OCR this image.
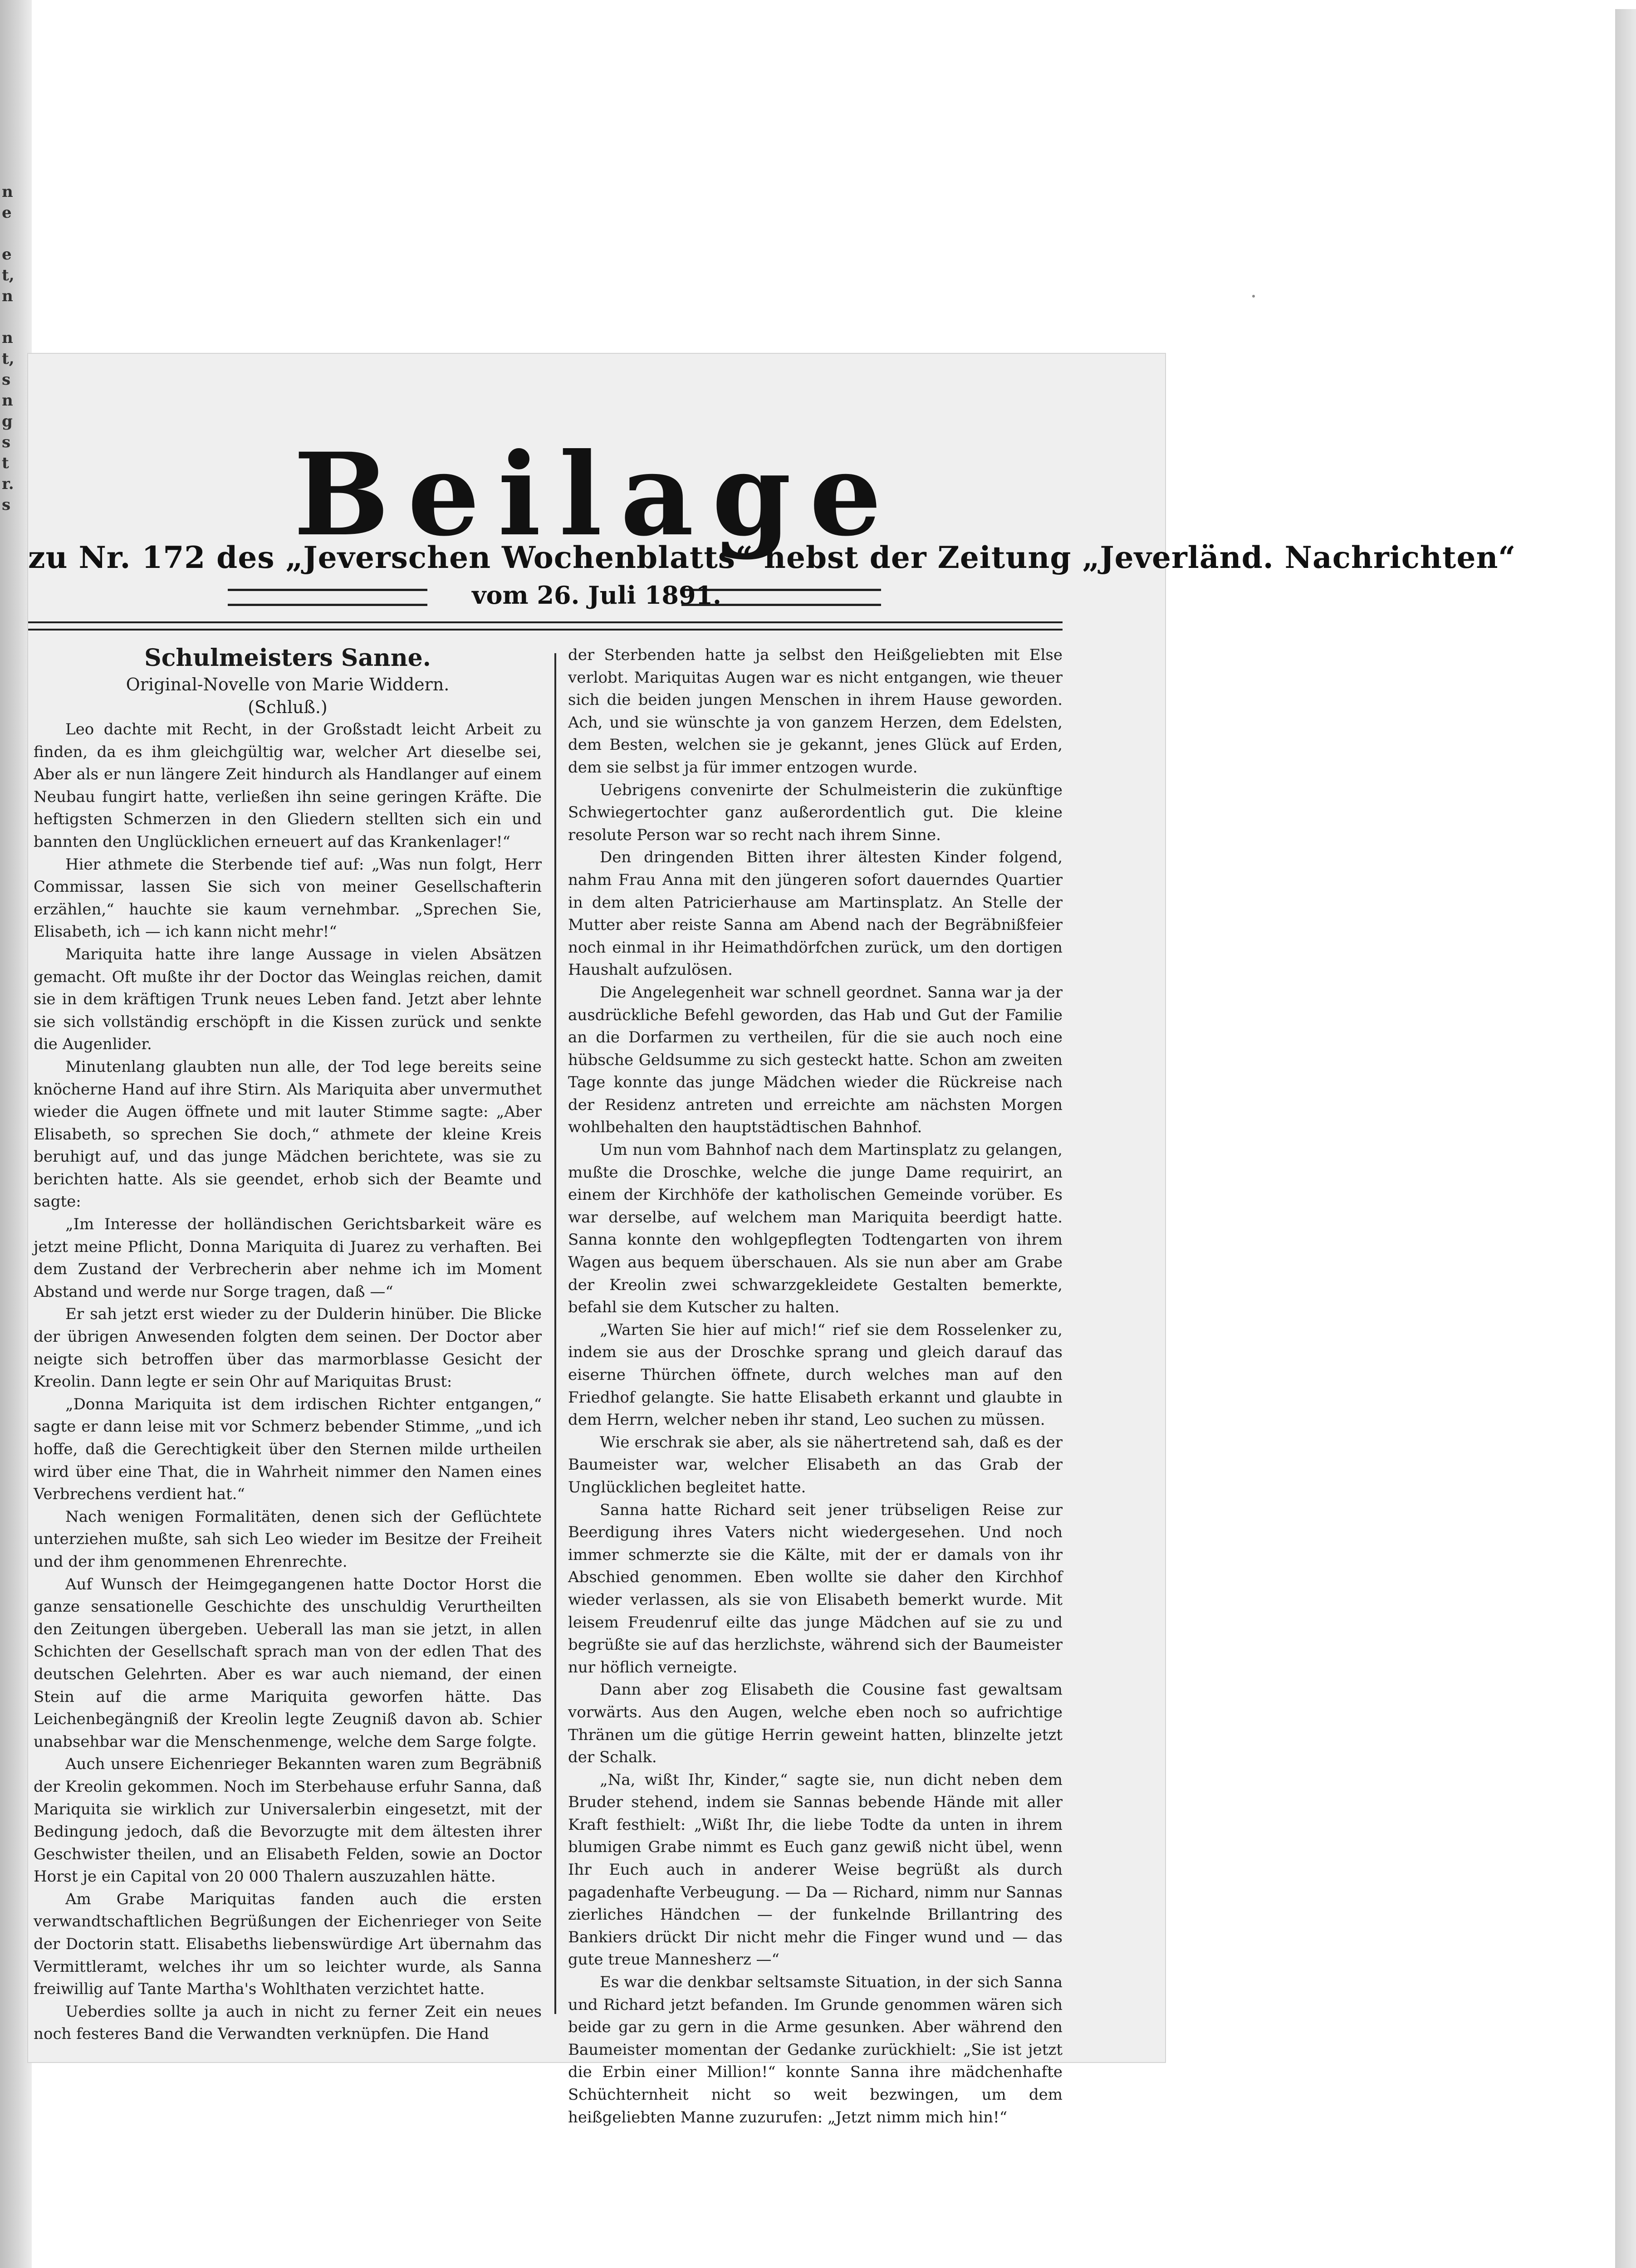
n
e
e
t,
n
n
t,
s
n
g
s
t
r.
s	Beilage
zu Nr. 172 des „Jeverschen Wochenblatts“ nebst der Zeitung „Jeverländ. Nachrichten“
vom 26. Juli 1891.
Schulmeisters Sanne.

Original-Novelle von Marie Widdern.

(Schluß.)

Leo dachte mit Recht, in der Großstadt leicht Arbeit zu finden, da es ihm gleichgültig war, welcher Art dieselbe sei, Aber als er nun längere Zeit hindurch als Handlanger auf einem Neubau fungirt hatte, verließen ihn seine geringen Kräfte. Die heftigsten Schmerzen in den Gliedern stellten sich ein und bannten den Unglücklichen erneuert auf das Krankenlager!“

Hier athmete die Sterbende tief auf: „Was nun folgt, Herr Commissar, lassen Sie sich von meiner Gesellschafterin erzählen,“ hauchte sie kaum vernehmbar. „Sprechen Sie, Elisabeth, ich — ich kann nicht mehr!“

Mariquita hatte ihre lange Aussage in vielen Absätzen gemacht. Oft mußte ihr der Doctor das Weinglas reichen, damit sie in dem kräftigen Trunk neues Leben fand. Jetzt aber lehnte sie sich vollständig erschöpft in die Kissen zurück und senkte die Augenlider.

Minutenlang glaubten nun alle, der Tod lege bereits seine knöcherne Hand auf ihre Stirn. Als Mariquita aber unvermuthet wieder die Augen öffnete und mit lauter Stimme sagte: „Aber Elisabeth, so sprechen Sie doch,“ athmete der kleine Kreis beruhigt auf, und das junge Mädchen berichtete, was sie zu berichten hatte. Als sie geendet, erhob sich der Beamte und sagte:

„Im Interesse der holländischen Gerichtsbarkeit wäre es jetzt meine Pflicht, Donna Mariquita di Juarez zu verhaften. Bei dem Zustand der Verbrecherin aber nehme ich im Moment Abstand und werde nur Sorge tragen, daß —“

Er sah jetzt erst wieder zu der Dulderin hinüber. Die Blicke der übrigen Anwesenden folgten dem seinen. Der Doctor aber neigte sich betroffen über das marmorblasse Gesicht der Kreolin. Dann legte er sein Ohr auf Mariquitas Brust:

„Donna Mariquita ist dem irdischen Richter entgangen,“ sagte er dann leise mit vor Schmerz bebender Stimme, „und ich hoffe, daß die Gerechtigkeit über den Sternen milde urtheilen wird über eine That, die in Wahrheit nimmer den Namen eines Verbrechens verdient hat.“

Nach wenigen Formalitäten, denen sich der Geflüchtete unterziehen mußte, sah sich Leo wieder im Besitze der Freiheit und der ihm genommenen Ehrenrechte.

Auf Wunsch der Heimgegangenen hatte Doctor Horst die ganze sensationelle Geschichte des unschuldig Verurtheilten den Zeitungen übergeben. Ueberall las man sie jetzt, in allen Schichten der Gesellschaft sprach man von der edlen That des deutschen Gelehrten. Aber es war auch niemand, der einen Stein auf die arme Mariquita geworfen hätte. Das Leichenbegängniß der Kreolin legte Zeugniß davon ab. Schier unabsehbar war die Menschenmenge, welche dem Sarge folgte.

Auch unsere Eichenrieger Bekannten waren zum Begräbniß der Kreolin gekommen. Noch im Sterbehause erfuhr Sanna, daß Mariquita sie wirklich zur Universalerbin eingesetzt, mit der Bedingung jedoch, daß die Bevorzugte mit dem ältesten ihrer Geschwister theilen, und an Elisabeth Felden, sowie an Doctor Horst je ein Capital von 20 000 Thalern auszuzahlen hätte.

Am Grabe Mariquitas fanden auch die ersten verwandtschaftlichen Begrüßungen der Eichenrieger von Seite der Doctorin statt. Elisabeths liebenswürdige Art übernahm das Vermittleramt, welches ihr um so leichter wurde, als Sanna freiwillig auf Tante Martha's Wohlthaten verzichtet hatte.

Ueberdies sollte ja auch in nicht zu ferner Zeit ein neues noch festeres Band die Verwandten verknüpfen. Die Hand

der Sterbenden hatte ja selbst den Heißgeliebten mit Else verlobt. Mariquitas Augen war es nicht entgangen, wie theuer sich die beiden jungen Menschen in ihrem Hause geworden. Ach, und sie wünschte ja von ganzem Herzen, dem Edelsten, dem Besten, welchen sie je gekannt, jenes Glück auf Erden, dem sie selbst ja für immer entzogen wurde.

Uebrigens convenirte der Schulmeisterin die zukünftige Schwiegertochter ganz außerordentlich gut. Die kleine resolute Person war so recht nach ihrem Sinne.

Den dringenden Bitten ihrer ältesten Kinder folgend, nahm Frau Anna mit den jüngeren sofort dauerndes Quartier in dem alten Patricierhause am Martinsplatz. An Stelle der Mutter aber reiste Sanna am Abend nach der Begräbnißfeier noch einmal in ihr Heimathdörfchen zurück, um den dortigen Haushalt aufzulösen.

Die Angelegenheit war schnell geordnet. Sanna war ja der ausdrückliche Befehl geworden, das Hab und Gut der Familie an die Dorfarmen zu vertheilen, für die sie auch noch eine hübsche Geldsumme zu sich gesteckt hatte. Schon am zweiten Tage konnte das junge Mädchen wieder die Rückreise nach der Residenz antreten und erreichte am nächsten Morgen wohlbehalten den hauptstädtischen Bahnhof.

Um nun vom Bahnhof nach dem Martinsplatz zu gelangen, mußte die Droschke, welche die junge Dame requirirt, an einem der Kirchhöfe der katholischen Gemeinde vorüber. Es war derselbe, auf welchem man Mariquita beerdigt hatte. Sanna konnte den wohlgepflegten Todtengarten von ihrem Wagen aus bequem überschauen. Als sie nun aber am Grabe der Kreolin zwei schwarzgekleidete Gestalten bemerkte, befahl sie dem Kutscher zu halten.

„Warten Sie hier auf mich!“ rief sie dem Rosselenker zu, indem sie aus der Droschke sprang und gleich darauf das eiserne Thürchen öffnete, durch welches man auf den Friedhof gelangte. Sie hatte Elisabeth erkannt und glaubte in dem Herrn, welcher neben ihr stand, Leo suchen zu müssen.

Wie erschrak sie aber, als sie nähertretend sah, daß es der Baumeister war, welcher Elisabeth an das Grab der Unglücklichen begleitet hatte.

Sanna hatte Richard seit jener trübseligen Reise zur Beerdigung ihres Vaters nicht wiedergesehen. Und noch immer schmerzte sie die Kälte, mit der er damals von ihr Abschied genommen. Eben wollte sie daher den Kirchhof wieder verlassen, als sie von Elisabeth bemerkt wurde. Mit leisem Freudenruf eilte das junge Mädchen auf sie zu und begrüßte sie auf das herzlichste, während sich der Baumeister nur höflich verneigte.

Dann aber zog Elisabeth die Cousine fast gewaltsam vorwärts. Aus den Augen, welche eben noch so aufrichtige Thränen um die gütige Herrin geweint hatten, blinzelte jetzt der Schalk.

„Na, wißt Ihr, Kinder,“ sagte sie, nun dicht neben dem Bruder stehend, indem sie Sannas bebende Hände mit aller Kraft festhielt: „Wißt Ihr, die liebe Todte da unten in ihrem blumigen Grabe nimmt es Euch ganz gewiß nicht übel, wenn Ihr Euch auch in anderer Weise begrüßt als durch pagadenhafte Verbeugung. — Da — Richard, nimm nur Sannas zierliches Händchen — der funkelnde Brillantring des Bankiers drückt Dir nicht mehr die Finger wund und — das gute treue Mannesherz —“

Es war die denkbar seltsamste Situation, in der sich Sanna und Richard jetzt befanden. Im Grunde genommen wären sich beide gar zu gern in die Arme gesunken. Aber während den Baumeister momentan der Gedanke zurückhielt: „Sie ist jetzt die Erbin einer Million!“ konnte Sanna ihre mädchenhafte Schüchternheit nicht so weit bezwingen, um dem heißgeliebten Manne zuzurufen: „Jetzt nimm mich hin!“
